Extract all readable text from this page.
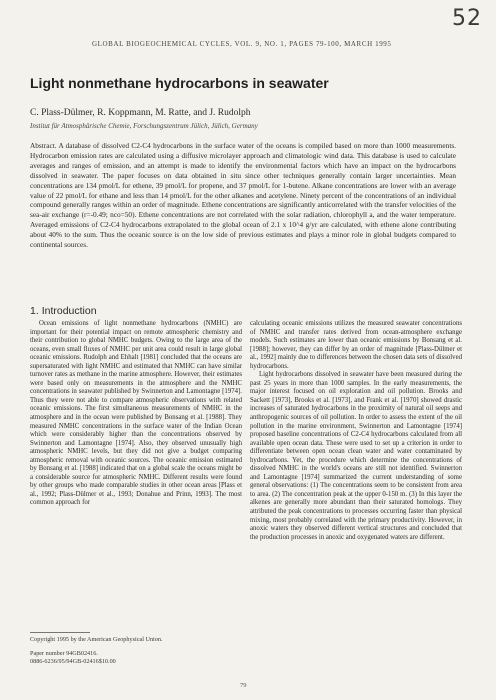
52
GLOBAL BIOGEOCHEMICAL CYCLES, VOL. 9, NO. 1, PAGES 79-100, MARCH 1995
Light nonmethane hydrocarbons in seawater

C. Plass-Dülmer, R. Koppmann, M. Ratte, and J. Rudolph

Institut für Atmosphärische Chemie, Forschungszentrum Jülich, Jülich, Germany

Abstract. A database of dissolved C2-C4 hydrocarbons in the surface water of the oceans is compiled based on more than 1000 measurements. Hydrocarbon emission rates are calculated using a diffusive microlayer approach and climatologic wind data. This database is used to calculate averages and ranges of emission, and an attempt is made to identify the environmental factors which have an impact on the hydrocarbons dissolved in seawater. The paper focuses on data obtained in situ since other techniques generally contain larger uncertainties. Mean concentrations are 134 pmol/L for ethene, 39 pmol/L for propene, and 37 pmol/L for 1-butene. Alkane concentrations are lower with an average value of 22 pmol/L for ethane and less than 14 pmol/L for the other alkanes and acetylene. Ninety percent of the concentrations of an individual compound generally ranges within an order of magnitude. Ethene concentrations are significantly anticorrelated with the transfer velocities of the sea-air exchange (r=-0.49; nco=50). Ethene concentrations are not correlated with the solar radiation, chlorophyll a, and the water temperature. Averaged emissions of C2-C4 hydrocarbons extrapolated to the global ocean of 2.1 x 10^4 g/yr are calculated, with ethene alone contributing about 40% to the sum. Thus the oceanic source is on the low side of previous estimates and plays a minor role in global budgets compared to continental sources.

1. Introduction

Ocean emissions of light nonmethane hydrocarbons (NMHC) are important for their potential impact on remote atmospheric chemistry and their contribution to global NMHC budgets. Owing to the large area of the oceans, even small fluxes of NMHC per unit area could result in large global oceanic emissions. Rudolph and Ehhalt [1981] concluded that the oceans are supersaturated with light NMHC and estimated that NMHC can have similar turnover rates as methane in the marine atmosphere. However, their estimates were based only on measurements in the atmosphere and the NMHC concentrations in seawater published by Swinnerton and Lamontagne [1974]. Thus they were not able to compare atmospheric observations with related oceanic emissions. The first simultaneous measurements of NMHC in the atmosphere and in the ocean were published by Bonsang et al. [1988]. They measured NMHC concentrations in the surface water of the Indian Ocean which were considerably higher than the concentrations observed by Swinnerton and Lamontagne [1974]. Also, they observed unusually high atmospheric NMHC levels, but they did not give a budget comparing atmospheric removal with oceanic sources. The oceanic emission estimated by Bonsang et al. [1988] indicated that on a global scale the oceans might be a considerable source for atmospheric NMHC. Different results were found by other groups who made comparable studies in other ocean areas [Plass et al., 1992; Plass-Dülmer et al., 1993; Donahue and Prinn, 1993]. The most common approach for

calculating oceanic emissions utilizes the measured seawater concentrations of NMHC and transfer rates derived from ocean-atmosphere exchange models. Such estimates are lower than oceanic emissions by Bonsang et al. [1988]; however, they can differ by an order of magnitude [Plass-Dülmer et al., 1992] mainly due to differences between the chosen data sets of dissolved hydrocarbons.

Light hydrocarbons dissolved in seawater have been measured during the past 25 years in more than 1000 samples. In the early measurements, the major interest focused on oil exploration and oil pollution. Brooks and Sackett [1973], Brooks et al. [1973], and Frank et al. [1970] showed drastic increases of saturated hydrocarbons in the proximity of natural oil seeps and anthropogenic sources of oil pollution. In order to assess the extent of the oil pollution in the marine environment, Swinnerton and Lamontagne [1974] proposed baseline concentrations of C2-C4 hydrocarbons calculated from all available open ocean data. These were used to set up a criterion in order to differentiate between open ocean clean water and water contaminated by hydrocarbons. Yet, the procedure which determine the concentrations of dissolved NMHC in the world's oceans are still not identified. Swinnerton and Lamontagne [1974] summarized the current understanding of some general observations: (1) The concentrations seem to be consistent from area to area. (2) The concentration peak at the upper 0-150 m. (3) In this layer the alkenes are generally more abundant than their saturated homologs. They attributed the peak concentrations to processes occurring faster than physical mixing, most probably correlated with the primary productivity. However, in anoxic waters they observed different vertical structures and concluded that the production processes in anoxic and oxygenated waters are different.

Copyright 1995 by the American Geophysical Union.
Paper number 94GB02416.
0886-6236/95/94GB-02416$10.00
79
